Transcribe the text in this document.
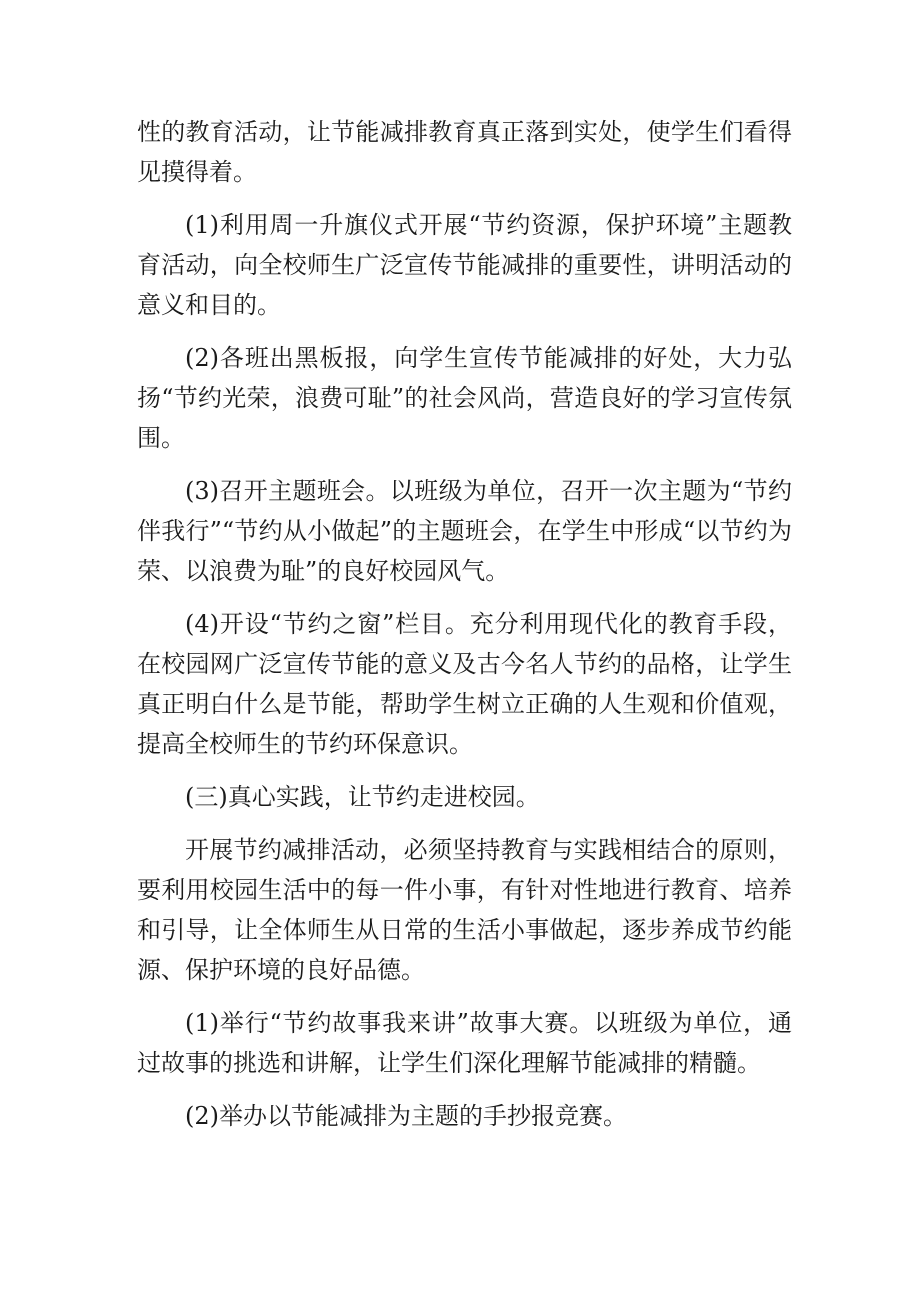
性的教育活动，让节能减排教育真正落到实处，使学生们看得见摸得着。

(1)利用周一升旗仪式开展“节约资源，保护环境”主题教育活动，向全校师生广泛宣传节能减排的重要性，讲明活动的意义和目的。

(2)各班出黑板报，向学生宣传节能减排的好处，大力弘扬“节约光荣，浪费可耻”的社会风尚，营造良好的学习宣传氛围。

(3)召开主题班会。以班级为单位，召开一次主题为“节约伴我行”“节约从小做起”的主题班会，在学生中形成“以节约为荣、以浪费为耻”的良好校园风气。

(4)开设“节约之窗”栏目。充分利用现代化的教育手段，在校园网广泛宣传节能的意义及古今名人节约的品格，让学生真正明白什么是节能，帮助学生树立正确的人生观和价值观，提高全校师生的节约环保意识。

(三)真心实践，让节约走进校园。

开展节约减排活动，必须坚持教育与实践相结合的原则，要利用校园生活中的每一件小事，有针对性地进行教育、培养和引导，让全体师生从日常的生活小事做起，逐步养成节约能源、保护环境的良好品德。

(1)举行“节约故事我来讲”故事大赛。以班级为单位，通过故事的挑选和讲解，让学生们深化理解节能减排的精髓。

(2)举办以节能减排为主题的手抄报竞赛。
